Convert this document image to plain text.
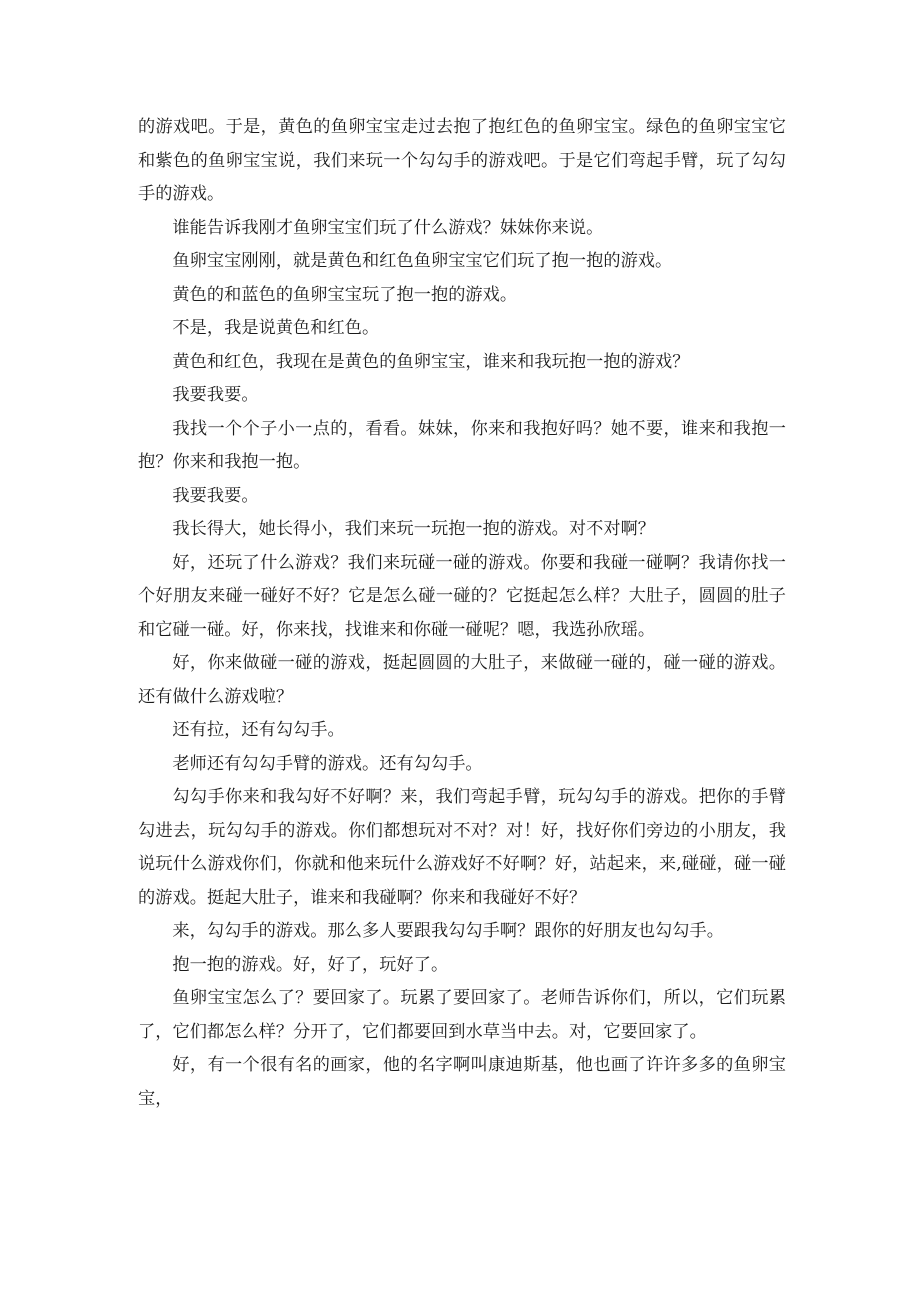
的游戏吧。于是，黄色的鱼卵宝宝走过去抱了抱红色的鱼卵宝宝。绿色的鱼卵宝宝它和紫色的鱼卵宝宝说，我们来玩一个勾勾手的游戏吧。于是它们弯起手臂，玩了勾勾手的游戏。

谁能告诉我刚才鱼卵宝宝们玩了什么游戏？妹妹你来说。

鱼卵宝宝刚刚，就是黄色和红色鱼卵宝宝它们玩了抱一抱的游戏。

黄色的和蓝色的鱼卵宝宝玩了抱一抱的游戏。

不是，我是说黄色和红色。

黄色和红色，我现在是黄色的鱼卵宝宝，谁来和我玩抱一抱的游戏？

我要我要。

我找一个个子小一点的，看看。妹妹，你来和我抱好吗？她不要，谁来和我抱一抱？你来和我抱一抱。

我要我要。

我长得大，她长得小，我们来玩一玩抱一抱的游戏。对不对啊？

好，还玩了什么游戏？我们来玩碰一碰的游戏。你要和我碰一碰啊？我请你找一个好朋友来碰一碰好不好？它是怎么碰一碰的？它挺起怎么样？大肚子，圆圆的肚子和它碰一碰。好，你来找，找谁来和你碰一碰呢？嗯，我选孙欣瑶。

好，你来做碰一碰的游戏，挺起圆圆的大肚子，来做碰一碰的，碰一碰的游戏。还有做什么游戏啦？

还有拉，还有勾勾手。

老师还有勾勾手臂的游戏。还有勾勾手。

勾勾手你来和我勾好不好啊？来，我们弯起手臂，玩勾勾手的游戏。把你的手臂勾进去，玩勾勾手的游戏。你们都想玩对不对？对！好，找好你们旁边的小朋友，我说玩什么游戏你们，你就和他来玩什么游戏好不好啊？好，站起来，来,碰碰，碰一碰的游戏。挺起大肚子，谁来和我碰啊？你来和我碰好不好？

来，勾勾手的游戏。那么多人要跟我勾勾手啊？跟你的好朋友也勾勾手。

抱一抱的游戏。好，好了，玩好了。

鱼卵宝宝怎么了？要回家了。玩累了要回家了。老师告诉你们，所以，它们玩累了，它们都怎么样？分开了，它们都要回到水草当中去。对，它要回家了。

好，有一个很有名的画家，他的名字啊叫康迪斯基，他也画了许许多多的鱼卵宝宝，
